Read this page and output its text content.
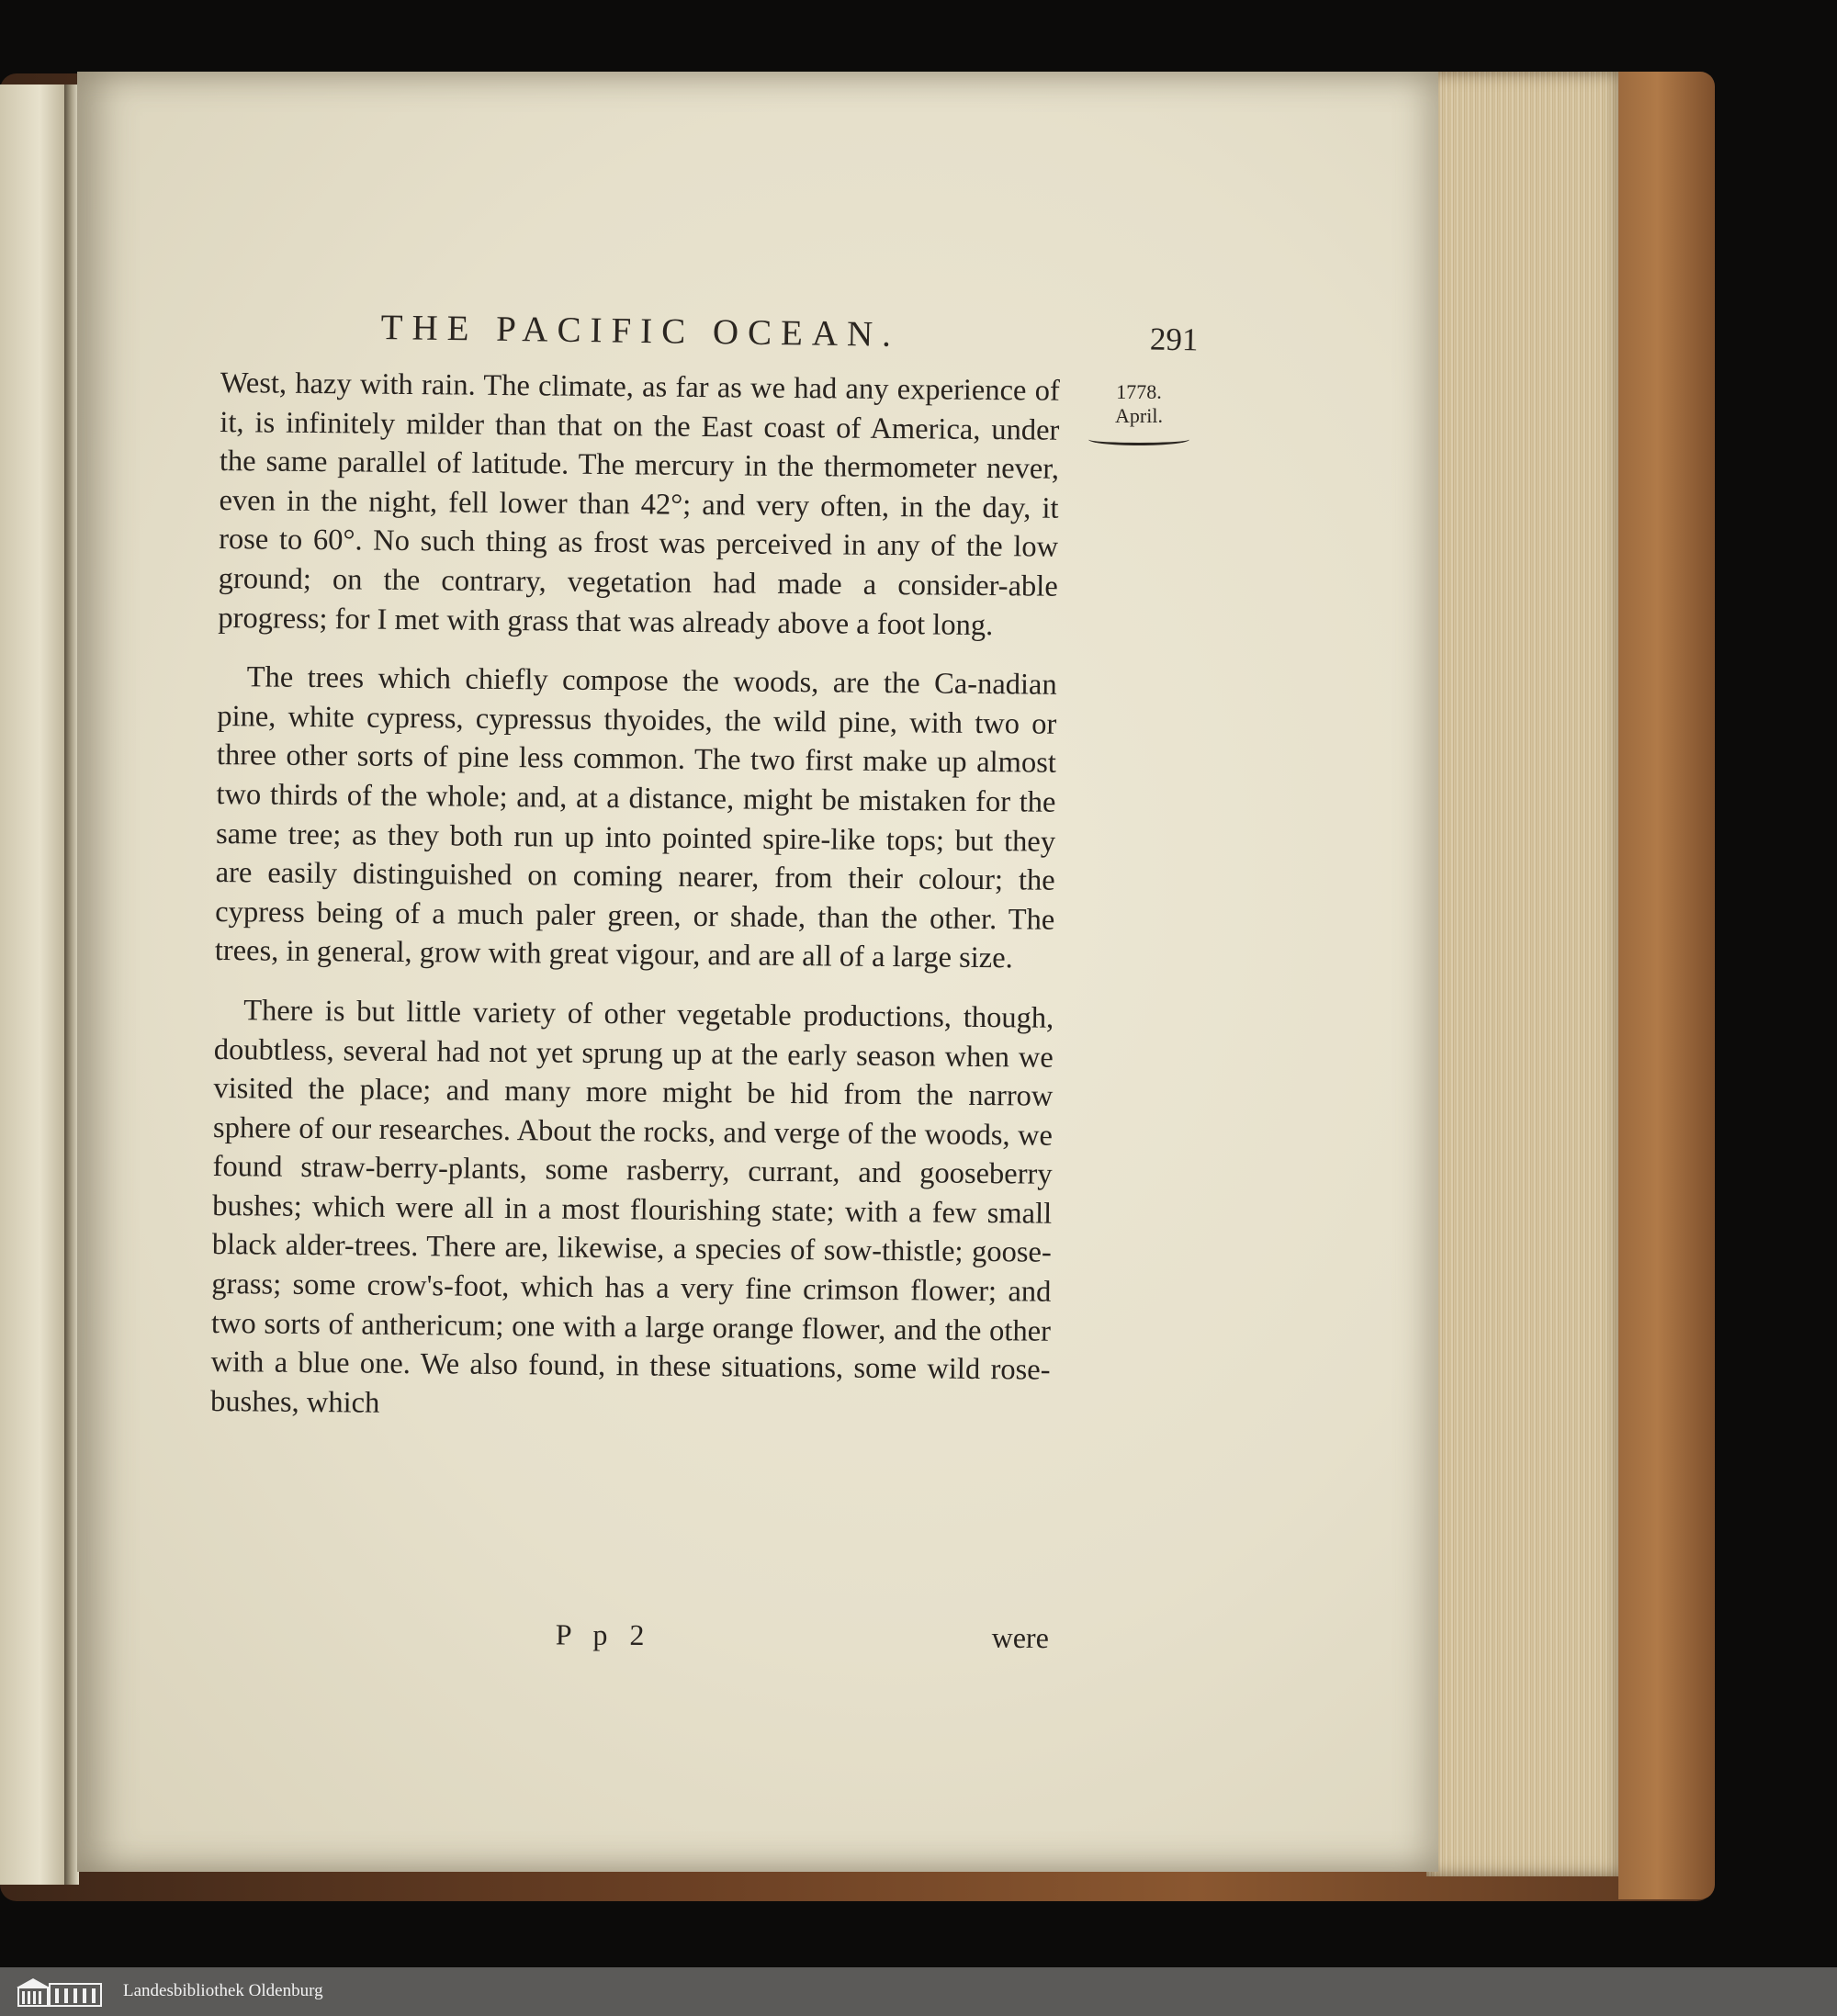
THE PACIFIC OCEAN.	291
1778.
April.

West, hazy with rain. The climate, as far as we had any experience of it, is infinitely milder than that on the East coast of America, under the same parallel of latitude. The mercury in the thermometer never, even in the night, fell lower than 42°; and very often, in the day, it rose to 60°. No such thing as frost was perceived in any of the low ground; on the contrary, vegetation had made a consider-able progress; for I met with grass that was already above a foot long.

The trees which chiefly compose the woods, are the Ca-nadian pine, white cypress, cypressus thyoides, the wild pine, with two or three other sorts of pine less common. The two first make up almost two thirds of the whole; and, at a distance, might be mistaken for the same tree; as they both run up into pointed spire-like tops; but they are easily distinguished on coming nearer, from their colour; the cypress being of a much paler green, or shade, than the other. The trees, in general, grow with great vigour, and are all of a large size.

There is but little variety of other vegetable productions, though, doubtless, several had not yet sprung up at the early season when we visited the place; and many more might be hid from the narrow sphere of our researches. About the rocks, and verge of the woods, we found straw-berry-plants, some rasberry, currant, and gooseberry bushes; which were all in a most flourishing state; with a few small black alder-trees. There are, likewise, a species of sow-thistle; goose-grass; some crow's-foot, which has a very fine crimson flower; and two sorts of anthericum; one with a large orange flower, and the other with a blue one. We also found, in these situations, some wild rose-bushes, which

P p 2	were
Landesbibliothek Oldenburg
